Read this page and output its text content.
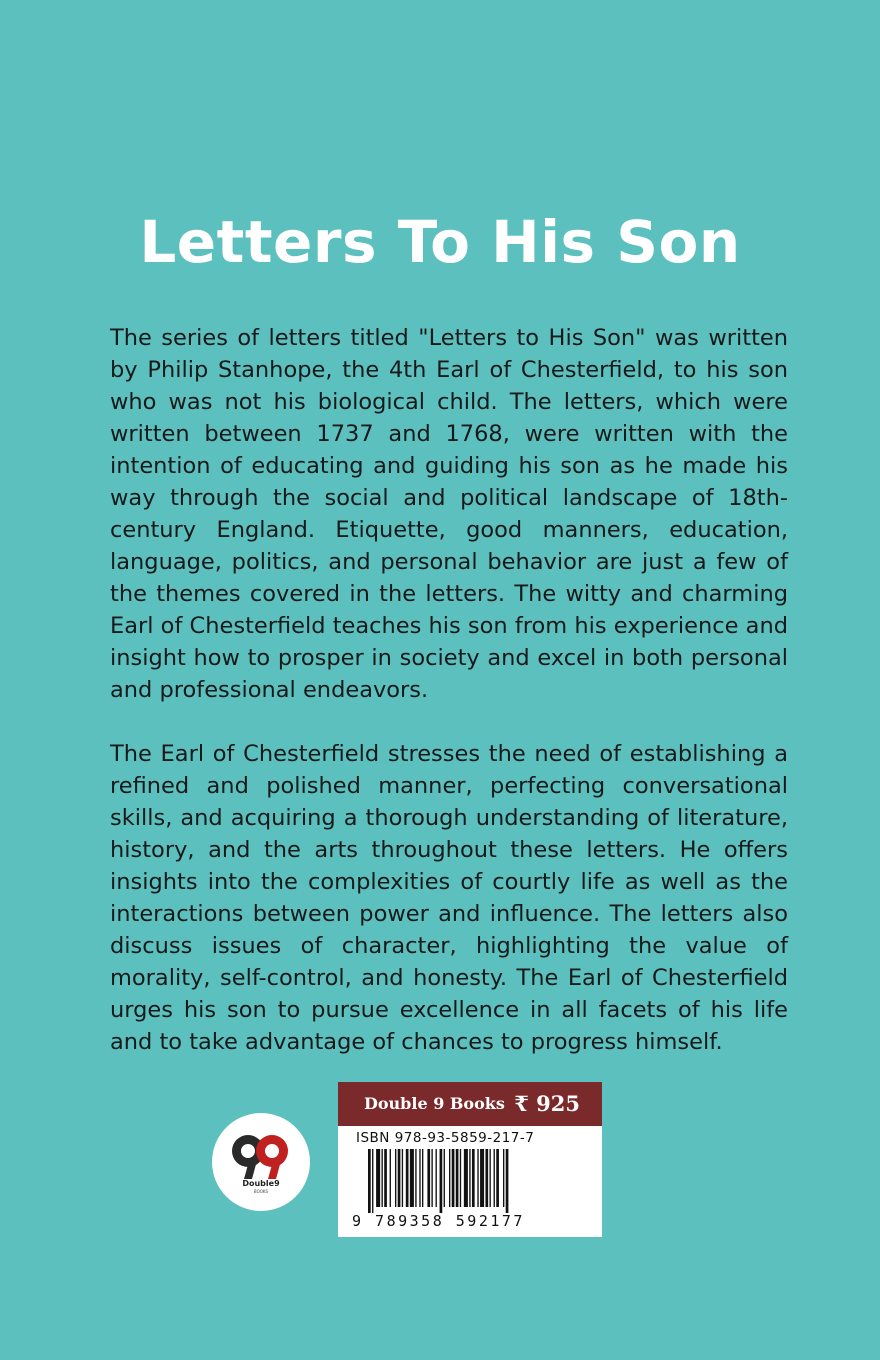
Letters To His Son

The series of letters titled "Letters to His Son" was written by Philip Stanhope, the 4th Earl of Chesterfield, to his son who was not his biological child. The letters, which were written between 1737 and 1768, were written with the intention of educating and guiding his son as he made his way through the social and political landscape of 18th-century England. Etiquette, good manners, education, language, politics, and personal behavior are just a few of the themes covered in the letters. The witty and charming Earl of Chesterfield teaches his son from his experience and insight how to prosper in society and excel in both personal and professional endeavors.

The Earl of Chesterfield stresses the need of establishing a refined and polished manner, perfecting conversational skills, and acquiring a thorough understanding of literature, history, and the arts throughout these letters. He offers insights into the complexities of courtly life as well as the interactions between power and influence. The letters also discuss issues of character, highlighting the value of morality, self-control, and honesty. The Earl of Chesterfield urges his son to pursue excellence in all facets of his life and to take advantage of chances to progress himself.

Double9
BOOKS
Double 9 Books ₹ 925
ISBN 978-93-5859-217-7
9 789358 592177
